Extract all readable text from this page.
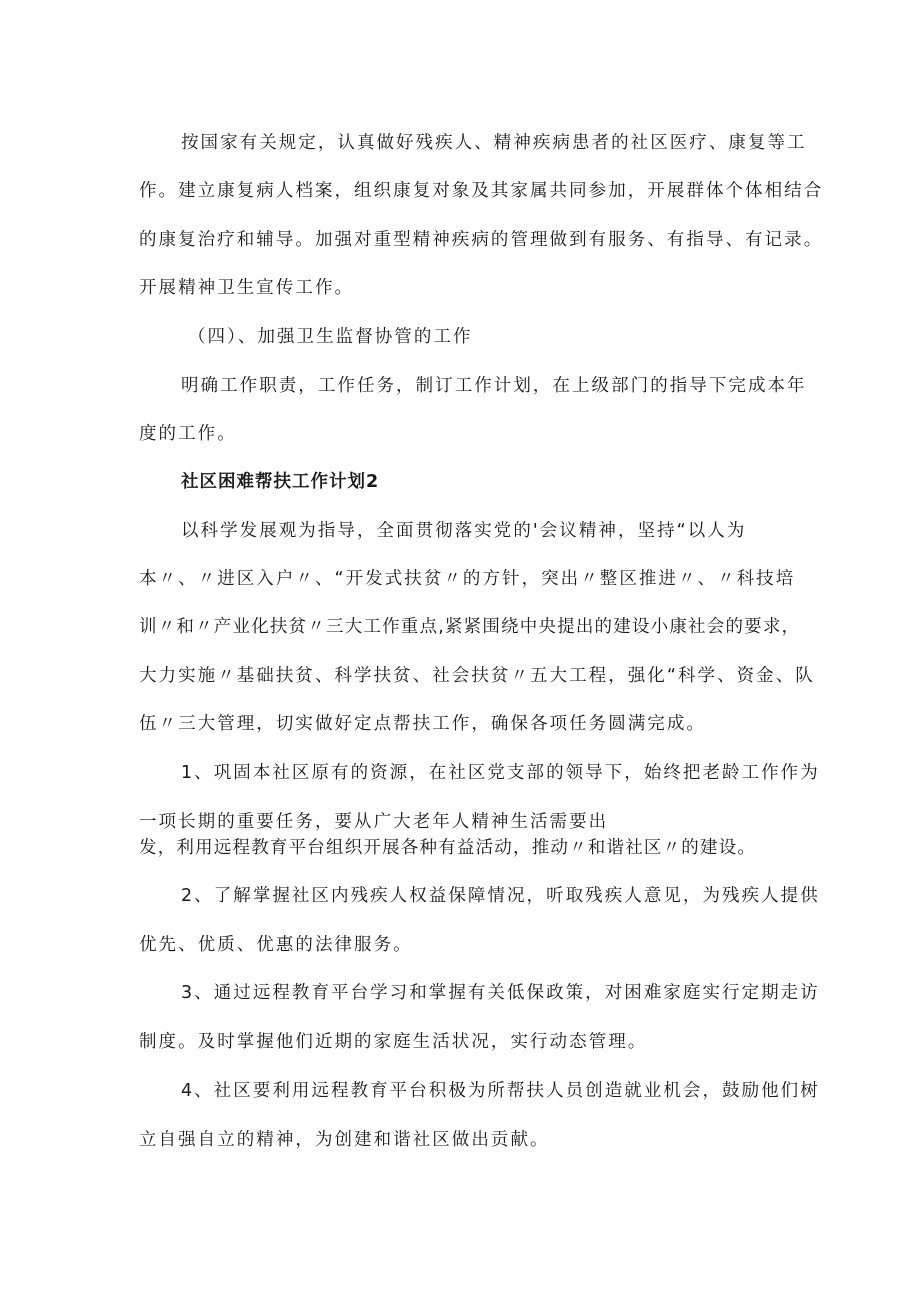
按国家有关规定，认真做好残疾人、精神疾病患者的社区医疗、康复等工
作。建立康复病人档案，组织康复对象及其家属共同参加，开展群体个体相结合
的康复治疗和辅导。加强对重型精神疾病的管理做到有服务、有指导、有记录。
开展精神卫生宣传工作。
（四）、加强卫生监督协管的工作
明确工作职责，工作任务，制订工作计划，在上级部门的指导下完成本年
度的工作。
社区困难帮扶工作计划2
以科学发展观为指导，全面贯彻落实党的'会议精神，坚持“以人为
本〃、〃进区入户〃、“开发式扶贫〃的方针，突出〃整区推进〃、〃科技培
训〃和〃产业化扶贫〃三大工作重点,紧紧围绕中央提出的建设小康社会的要求，
大力实施〃基础扶贫、科学扶贫、社会扶贫〃五大工程，强化“科学、资金、队
伍〃三大管理，切实做好定点帮扶工作，确保各项任务圆满完成。
1、巩固本社区原有的资源，在社区党支部的领导下，始终把老龄工作作为
一项长期的重要任务，要从广大老年人精神生活需要出
发，利用远程教育平台组织开展各种有益活动，推动〃和谐社区〃的建设。
2、了解掌握社区内残疾人权益保障情况，听取残疾人意见，为残疾人提供
优先、优质、优惠的法律服务。
3、通过远程教育平台学习和掌握有关低保政策，对困难家庭实行定期走访
制度。及时掌握他们近期的家庭生活状况，实行动态管理。
4、社区要利用远程教育平台积极为所帮扶人员创造就业机会，鼓励他们树
立自强自立的精神，为创建和谐社区做出贡献。
